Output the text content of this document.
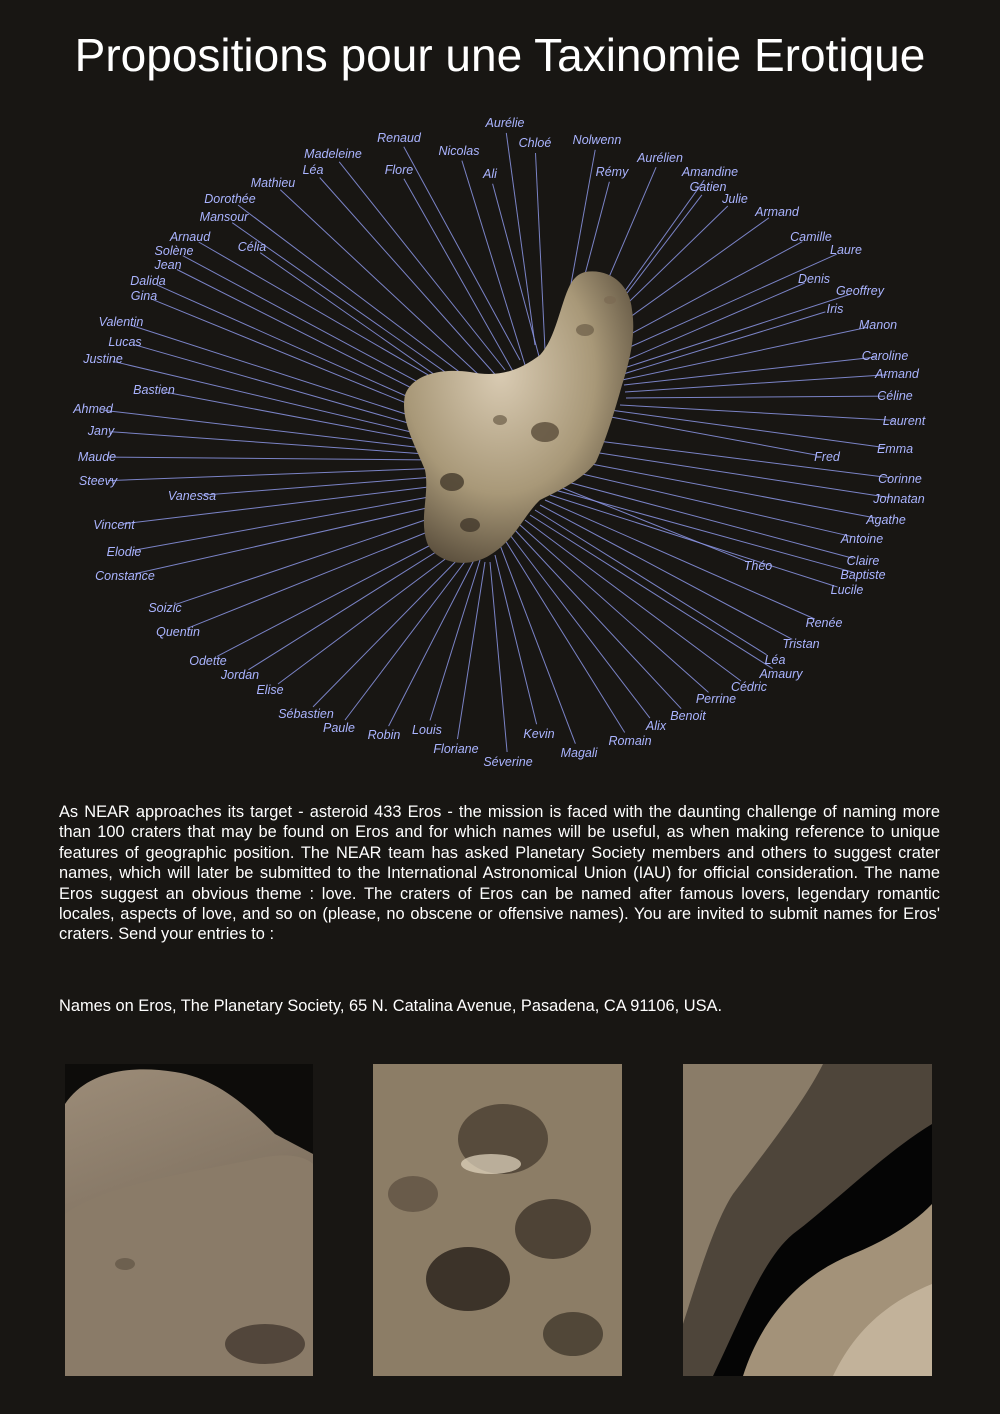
Propositions pour une Taxinomie Erotique
Aurélie
Chloé Nolwenn
Renaud
Nicolas
Madeleine
Léa	Flore	Ali	Rémy
Aurélien
Amandine
Gatien
Julie
Armand
Mathieu
Dorothée
Mansour
Camille
Laure
Arnaud
Célia
Solène
Jean
Dalida
Gina
Denis
Geoffrey
Iris
Manon
Valentin
Lucas
Justine	Caroline
Armand
Céline
Bastien
Ahmed
Laurent
Jany
Emma
Fred
Maude
Steevy	Corinne
Vanessa	Johnatan
Agathe
Vincent
Antoine
Elodie
Claire
Théo
Constance	Baptiste
Lucile
Soizic
Renée
Quentin
Tristan
Odette	Léa
Jordan	Amaury
Elise	Cédric
Perrine
Sébastien	Benoit
Paule Robin Louis	Alix
Kevin	Romain
Floriane	Magali
Séverine

As NEAR approaches its target - asteroid 433 Eros - the mission is faced with the daunting challenge of naming more than 100 craters that may be found on Eros and for which names will be useful, as when making reference to unique features of geographic position. The NEAR team has asked Planetary Society members and others to suggest crater names, which will later be submitted to the International Astronomical Union (IAU) for official consideration. The name Eros suggest an obvious theme : love. The craters of Eros can be named after famous lovers, legendary romantic locales, aspects of love, and so on (please, no obscene or offensive names). You are invited to submit names for Eros' craters. Send your entries to :

Names on Eros, The Planetary Society, 65 N. Catalina Avenue, Pasadena, CA 91106, USA.
